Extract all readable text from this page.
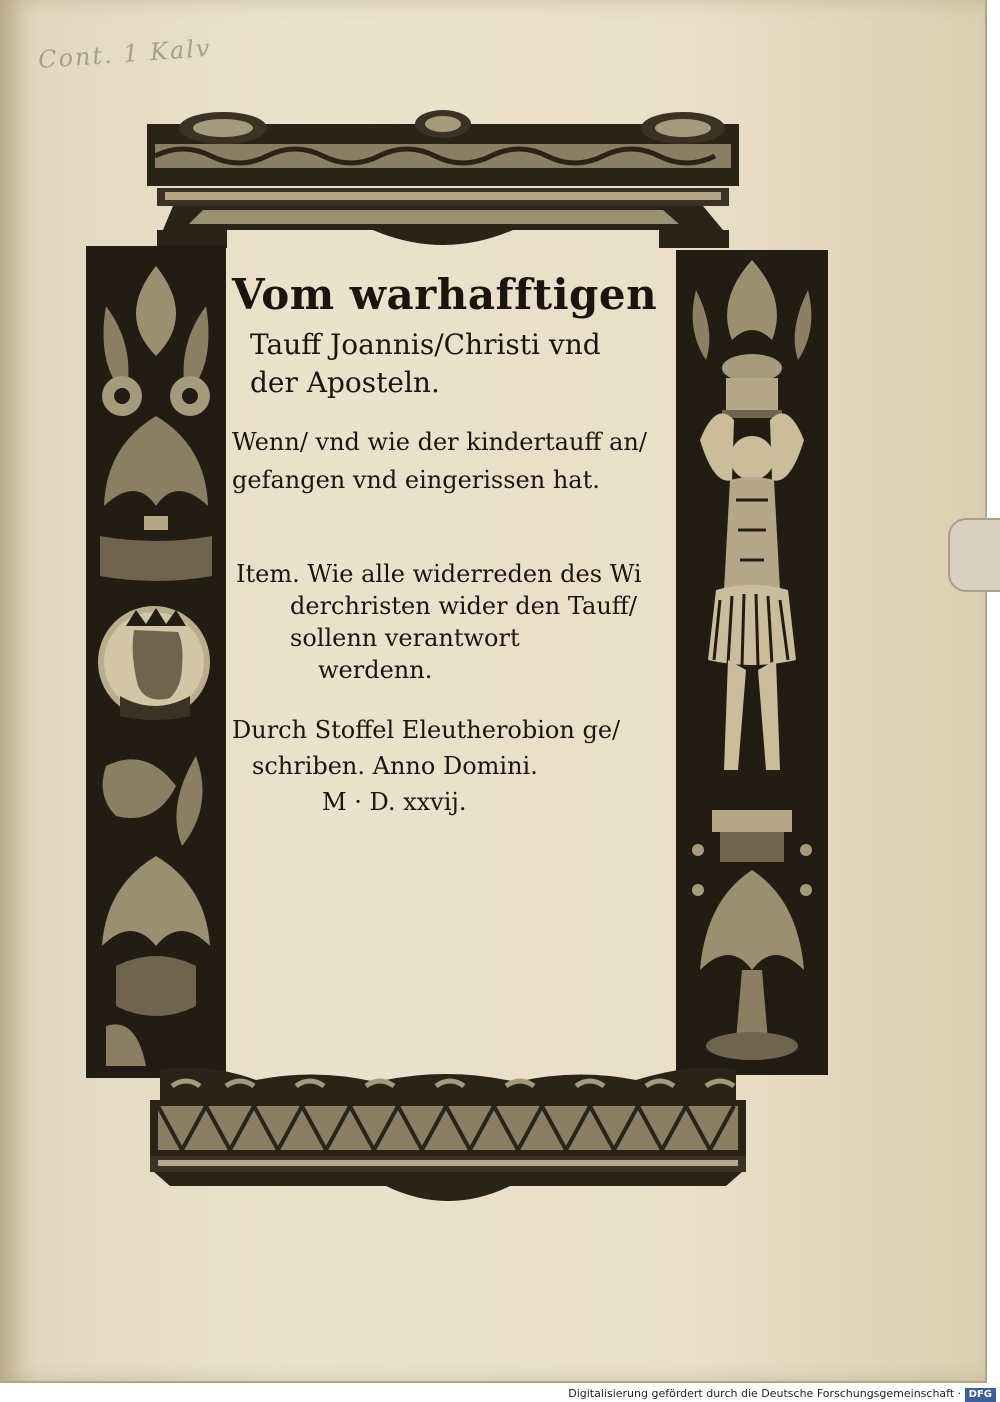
Cont. 1 Kalv
Vom warhafftigen
Tauff Joannis/Christi vnd
der Aposteln.
Wenn/ vnd wie der kindertauff an/
gefangen vnd eingerissen hat.
Item. Wie alle widerreden des Wi
derchristen wider den Tauff/
sollenn verantwort
werdenn.
Durch Stoffel Eleutherobion ge/
schriben. Anno Domini.
M · D. xxvij.
Digitalisierung gefördert durch die Deutsche Forschungsgemeinschaft · DFG
